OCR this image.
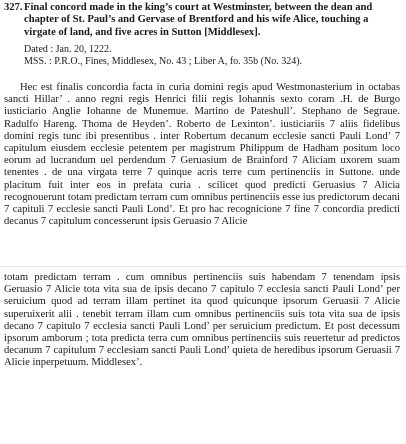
327. Final concord made in the king’s court at Westminster, between the dean and chapter of St. Paul’s and Gervase of Brentford and his wife Alice, touching a virgate of land, and five acres in Sutton [Middlesex].
Dated : Jan. 20, 1222.
MSS. : P.R.O., Fines, Middlesex, No. 43 ; Liber A, fo. 35b (No. 324).

Hec est finalis concordia facta in curia domini regis apud Westmonasterium in octabas sancti Hillar’ . anno regni regis Henrici filii regis Iohannis sexto coram .H. de Burgo iusticiario Anglie Iohanne de Munemue. Martino de Pateshull’. Stephano de Segraue. Radulfo Hareng. Thoma de Heyden’. Roberto de Lexinton’. iusticiariis 7 aliis fidelibus domini regis tunc ibi presentibus . inter Robertum decanum ecclesie sancti Pauli Lond’ 7 capitulum eiusdem ecclesie petentem per magistrum Philippum de Hadham positum loco eorum ad lucrandum uel perdendum 7 Geruasium de Brainford 7 Aliciam uxorem suam tenentes . de una virgata terre 7 quinque acris terre cum pertinenciis in Suttone. unde placitum fuit inter eos in prefata curia . scilicet quod predicti Geruasius 7 Alicia recognouerunt totam predictam terram cum omnibus pertinenciis esse ius predictorum decani 7 capituli 7 ecclesie sancti Pauli Lond’. Et pro hac recognicione 7 fine 7 concordia predicti decanus 7 capitulum concesserunt ipsis Geruasio 7 Alicie

totam predictam terram . cum omnibus pertinenciis suis habendam 7 tenendam ipsis Geruasio 7 Alicie tota vita sua de ipsis decano 7 capitulo 7 ecclesia sancti Pauli Lond’ per seruicium quod ad terram illam pertinet ita quod quicunque ipsorum Geruasii 7 Alicie superuixerit alii . tenebit terram illam cum omnibus pertinenciis suis tota vita sua de ipsis decano 7 capitulo 7 ecclesia sancti Pauli Lond’ per seruicium predictum. Et post decessum ipsorum amborum ; tota predicta terra cum omnibus pertinenciis suis reuertetur ad predictos decanum 7 capitulum 7 ecclesiam sancti Pauli Lond’ quieta de heredibus ipsorum Geruasii 7 Alicie inperpetuum. Middlesex’.
